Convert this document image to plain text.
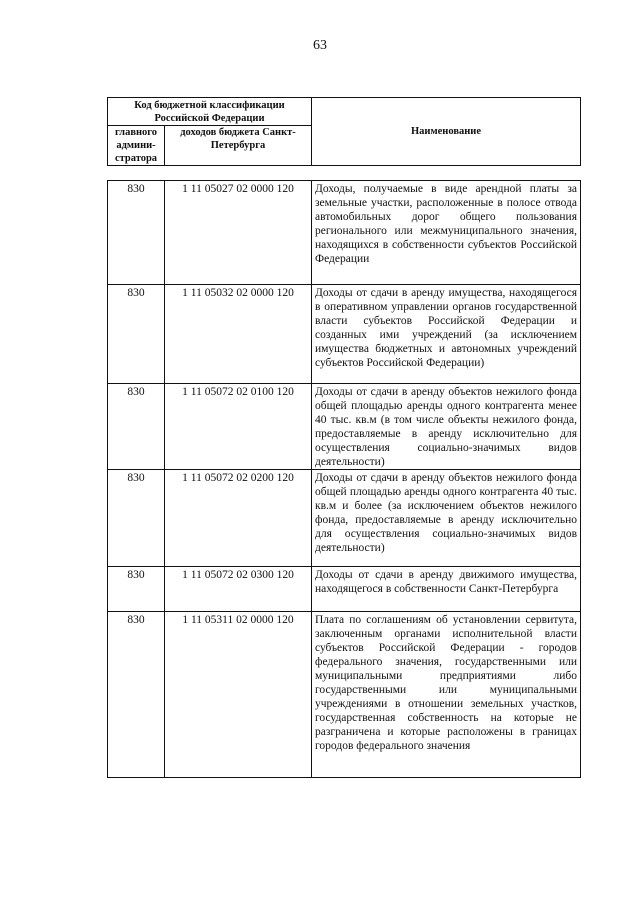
63
Код бюджетной классификации Российской Федерации		Наименование
главного админи-стратора	доходов бюджета Санкт-Петербурга	
830	1 11 05027 02 0000 120	Доходы, получаемые в виде арендной платы за земельные участки, расположенные в полосе отвода автомобильных дорог общего пользования регионального или межмуниципального значения, находящихся в собственности субъектов Российской Федерации
830	1 11 05032 02 0000 120	Доходы от сдачи в аренду имущества, находящегося в оперативном управлении органов государственной власти субъектов Российской Федерации и созданных ими учреждений (за исключением имущества бюджетных и автономных учреждений субъектов Российской Федерации)
830	1 11 05072 02 0100 120	Доходы от сдачи в аренду объектов нежилого фонда общей площадью аренды одного контрагента менее 40 тыс. кв.м (в том числе объекты нежилого фонда, предоставляемые в аренду исключительно для осуществления социально-значимых видов деятельности)
830	1 11 05072 02 0200 120	Доходы от сдачи в аренду объектов нежилого фонда общей площадью аренды одного контрагента 40 тыс. кв.м и более (за исключением объектов нежилого фонда, предоставляемые в аренду исключительно для осуществления социально-значимых видов деятельности)
830	1 11 05072 02 0300 120	Доходы от сдачи в аренду движимого имущества, находящегося в собственности Санкт-Петербурга
830	1 11 05311 02 0000 120	Плата по соглашениям об установлении сервитута, заключенным органами исполнительной власти субъектов Российской Федерации - городов федерального значения, государственными или муниципальными предприятиями либо государственными или муниципальными учреждениями в отношении земельных участков, государственная собственность на которые не разграничена и которые расположены в границах городов федерального значения
